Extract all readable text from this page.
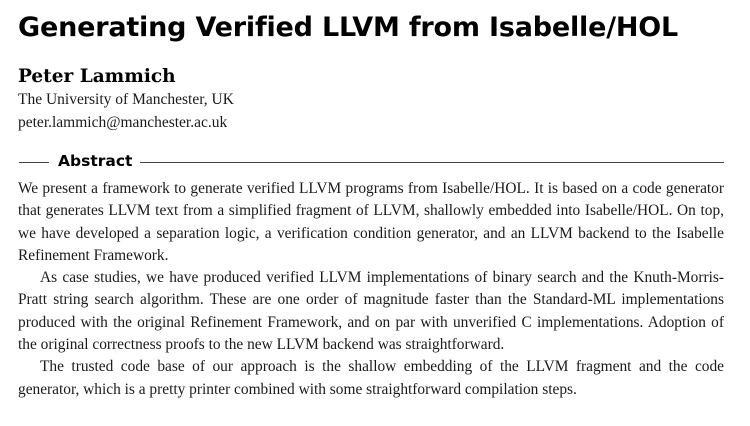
Generating Verified LLVM from Isabelle/HOL
Peter Lammich
The University of Manchester, UK
peter.lammich@manchester.ac.uk
Abstract

We present a framework to generate verified LLVM programs from Isabelle/HOL. It is based on a code generator that generates LLVM text from a simplified fragment of LLVM, shallowly embedded into Isabelle/HOL. On top, we have developed a separation logic, a verification condition generator, and an LLVM backend to the Isabelle Refinement Framework.

As case studies, we have produced verified LLVM implementations of binary search and the Knuth-Morris-Pratt string search algorithm. These are one order of magnitude faster than the Standard-ML implementations produced with the original Refinement Framework, and on par with unverified C implementations. Adoption of the original correctness proofs to the new LLVM backend was straightforward.

The trusted code base of our approach is the shallow embedding of the LLVM fragment and the code generator, which is a pretty printer combined with some straightforward compilation steps.
